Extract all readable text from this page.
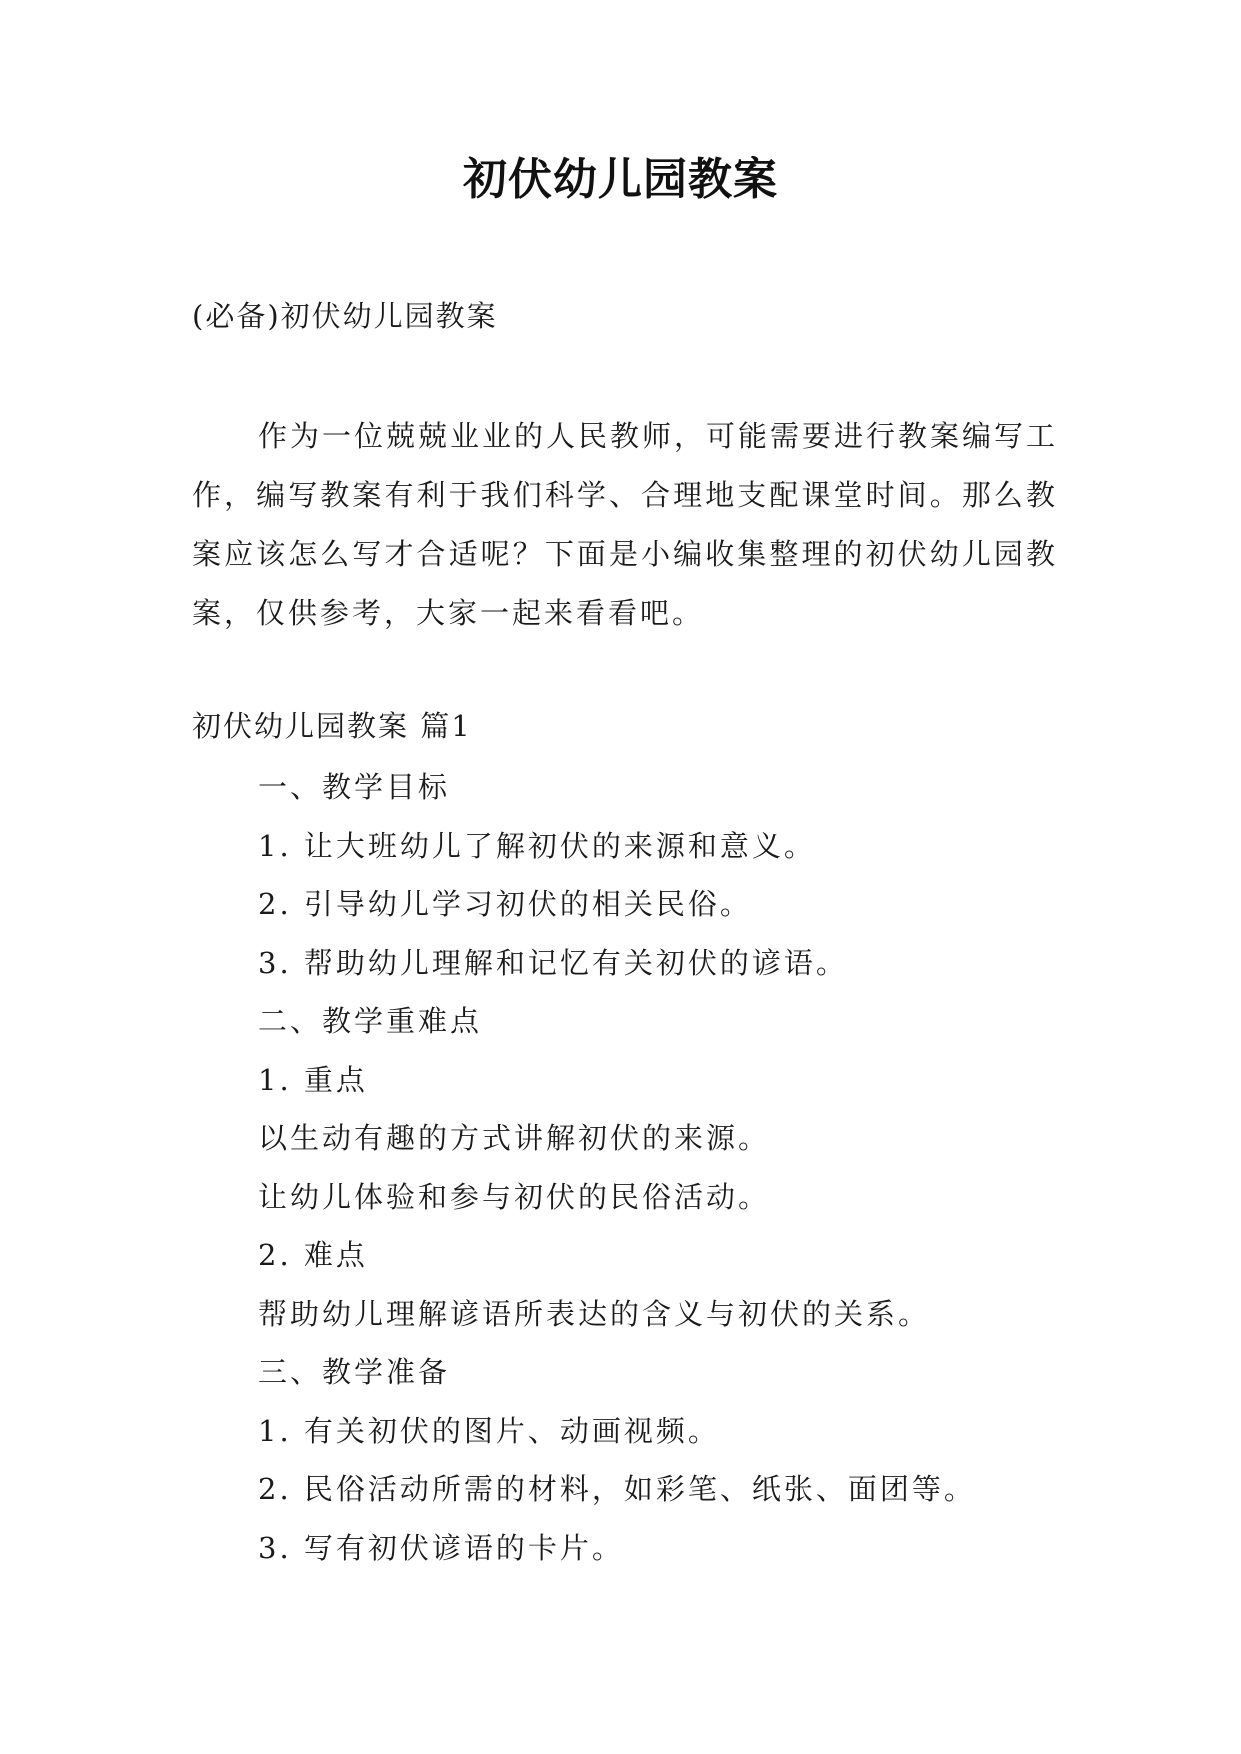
初伏幼儿园教案

(必备)初伏幼儿园教案

作为一位兢兢业业的人民教师，可能需要进行教案编写工作，编写教案有利于我们科学、合理地支配课堂时间。那么教案应该怎么写才合适呢？下面是小编收集整理的初伏幼儿园教案，仅供参考，大家一起来看看吧。

初伏幼儿园教案 篇1

一、教学目标
1. 让大班幼儿了解初伏的来源和意义。
2. 引导幼儿学习初伏的相关民俗。
3. 帮助幼儿理解和记忆有关初伏的谚语。
二、教学重难点
1. 重点
以生动有趣的方式讲解初伏的来源。
让幼儿体验和参与初伏的民俗活动。
2. 难点
帮助幼儿理解谚语所表达的含义与初伏的关系。
三、教学准备
1. 有关初伏的图片、动画视频。
2. 民俗活动所需的材料，如彩笔、纸张、面团等。
3. 写有初伏谚语的卡片。
